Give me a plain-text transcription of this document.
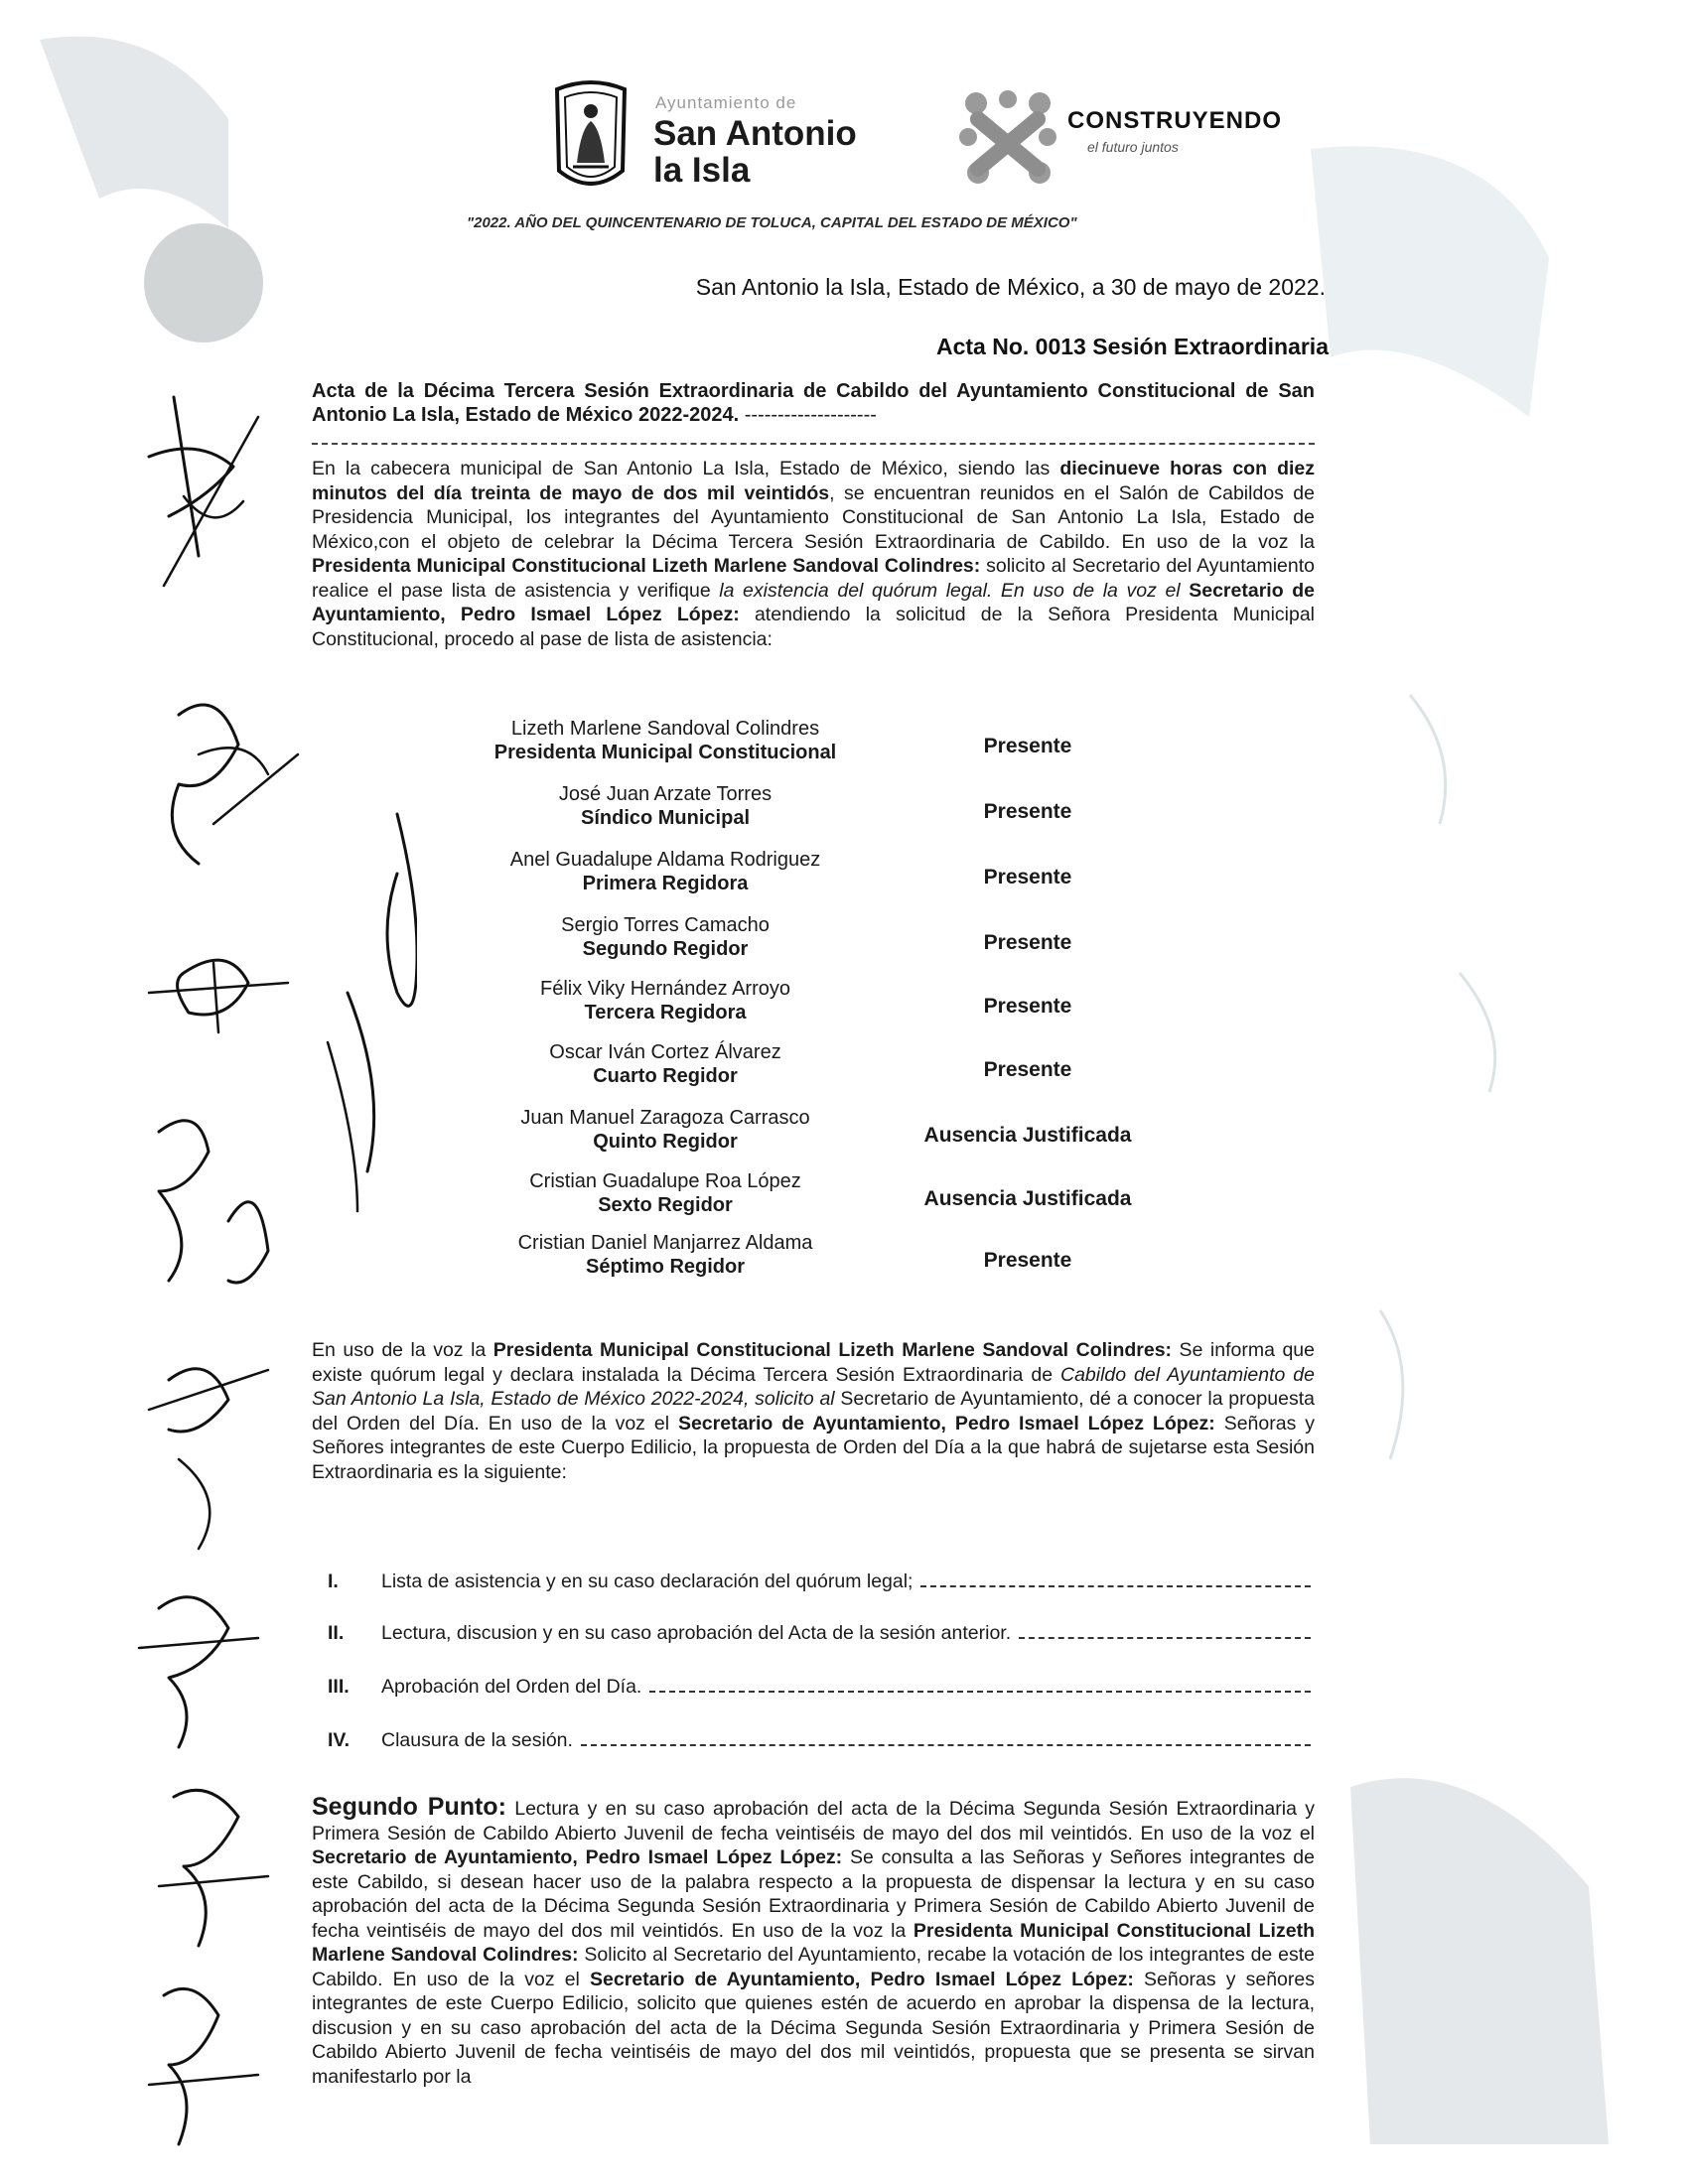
Ayuntamiento de
San Antonio
la Isla
CONSTRUYENDO
el futuro juntos
"2022. AÑO DEL QUINCENTENARIO DE TOLUCA, CAPITAL DEL ESTADO DE MÉXICO"
San Antonio la Isla, Estado de México, a 30 de mayo de 2022.
Acta No. 0013 Sesión Extraordinaria
Acta de la Décima Tercera Sesión Extraordinaria de Cabildo del Ayuntamiento Constitucional de San Antonio La Isla, Estado de México 2022-2024. --------------------
En la cabecera municipal de San Antonio La Isla, Estado de México, siendo las diecinueve horas con diez minutos del día treinta de mayo de dos mil veintidós, se encuentran reunidos en el Salón de Cabildos de Presidencia Municipal, los integrantes del Ayuntamiento Constitucional de San Antonio La Isla, Estado de México,con el objeto de celebrar la Décima Tercera Sesión Extraordinaria de Cabildo. En uso de la voz la Presidenta Municipal Constitucional Lizeth Marlene Sandoval Colindres: solicito al Secretario del Ayuntamiento realice el pase lista de asistencia y verifique la existencia del quórum legal. En uso de la voz el Secretario de Ayuntamiento, Pedro Ismael López López: atendiendo la solicitud de la Señora Presidenta Municipal Constitucional, procedo al pase de lista de asistencia:
Lizeth Marlene Sandoval Colindres
Presidenta Municipal Constitucional	Presente
José Juan Arzate Torres
Síndico Municipal	Presente
Anel Guadalupe Aldama Rodriguez
Primera Regidora	Presente
Sergio Torres Camacho
Segundo Regidor	Presente
Félix Viky Hernández Arroyo
Tercera Regidora	Presente
Oscar Iván Cortez Álvarez
Cuarto Regidor	Presente
Juan Manuel Zaragoza Carrasco
Quinto Regidor	Ausencia Justificada
Cristian Guadalupe Roa López
Sexto Regidor	Ausencia Justificada
Cristian Daniel Manjarrez Aldama
Séptimo Regidor	Presente
En uso de la voz la Presidenta Municipal Constitucional Lizeth Marlene Sandoval Colindres: Se informa que existe quórum legal y declara instalada la Décima Tercera Sesión Extraordinaria de Cabildo del Ayuntamiento de San Antonio La Isla, Estado de México 2022-2024, solicito al Secretario de Ayuntamiento, dé a conocer la propuesta del Orden del Día. En uso de la voz el Secretario de Ayuntamiento, Pedro Ismael López López: Señoras y Señores integrantes de este Cuerpo Edilicio, la propuesta de Orden del Día a la que habrá de sujetarse esta Sesión Extraordinaria es la siguiente:
I.	Lista de asistencia y en su caso declaración del quórum legal;
II.	Lectura, discusion y en su caso aprobación del Acta de la sesión anterior.
III.	Aprobación del Orden del Día.
IV.	Clausura de la sesión.
Segundo Punto: Lectura y en su caso aprobación del acta de la Décima Segunda Sesión Extraordinaria y Primera Sesión de Cabildo Abierto Juvenil de fecha veintiséis de mayo del dos mil veintidós. En uso de la voz el Secretario de Ayuntamiento, Pedro Ismael López López: Se consulta a las Señoras y Señores integrantes de este Cabildo, si desean hacer uso de la palabra respecto a la propuesta de dispensar la lectura y en su caso aprobación del acta de la Décima Segunda Sesión Extraordinaria y Primera Sesión de Cabildo Abierto Juvenil de fecha veintiséis de mayo del dos mil veintidós. En uso de la voz la Presidenta Municipal Constitucional Lizeth Marlene Sandoval Colindres: Solicito al Secretario del Ayuntamiento, recabe la votación de los integrantes de este Cabildo. En uso de la voz el Secretario de Ayuntamiento, Pedro Ismael López López: Señoras y señores integrantes de este Cuerpo Edilicio, solicito que quienes estén de acuerdo en aprobar la dispensa de la lectura, discusion y en su caso aprobación del acta de la Décima Segunda Sesión Extraordinaria y Primera Sesión de Cabildo Abierto Juvenil de fecha veintiséis de mayo del dos mil veintidós, propuesta que se presenta se sirvan manifestarlo por la
